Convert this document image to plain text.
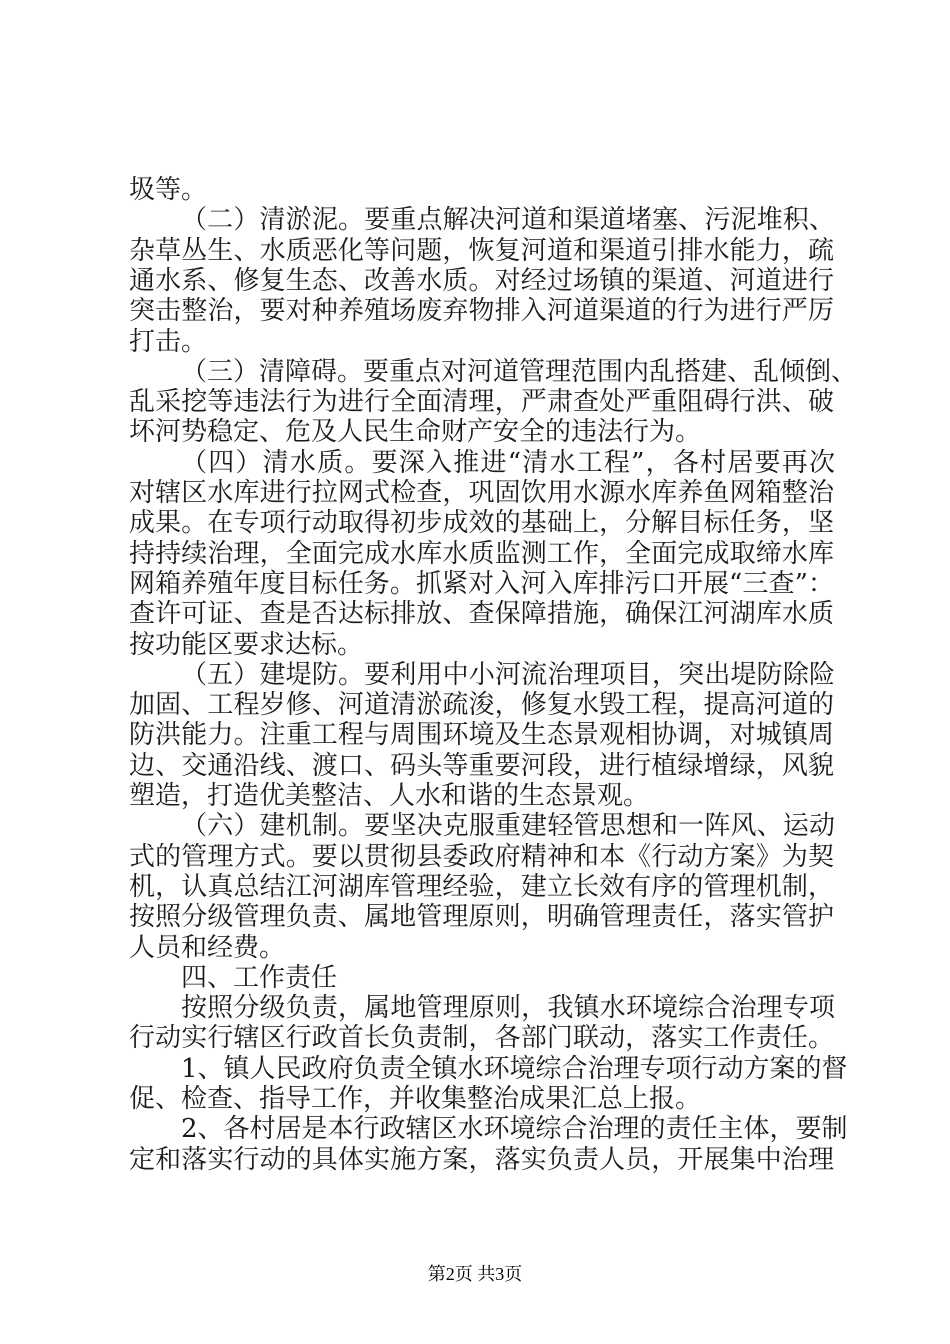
圾等。
（二）清淤泥。要重点解决河道和渠道堵塞、污泥堆积、
杂草丛生、水质恶化等问题，恢复河道和渠道引排水能力，疏
通水系、修复生态、改善水质。对经过场镇的渠道、河道进行
突击整治，要对种养殖场废弃物排入河道渠道的行为进行严厉
打击。
（三）清障碍。要重点对河道管理范围内乱搭建、乱倾倒、
乱采挖等违法行为进行全面清理，严肃查处严重阻碍行洪、破
坏河势稳定、危及人民生命财产安全的违法行为。
（四）清水质。要深入推进“清水工程”，各村居要再次
对辖区水库进行拉网式检查，巩固饮用水源水库养鱼网箱整治
成果。在专项行动取得初步成效的基础上，分解目标任务，坚
持持续治理，全面完成水库水质监测工作，全面完成取缔水库
网箱养殖年度目标任务。抓紧对入河入库排污口开展“三查”：
查许可证、查是否达标排放、查保障措施，确保江河湖库水质
按功能区要求达标。
（五）建堤防。要利用中小河流治理项目，突出堤防除险
加固、工程岁修、河道清淤疏浚，修复水毁工程，提高河道的
防洪能力。注重工程与周围环境及生态景观相协调，对城镇周
边、交通沿线、渡口、码头等重要河段，进行植绿增绿，风貌
塑造，打造优美整洁、人水和谐的生态景观。
（六）建机制。要坚决克服重建轻管思想和一阵风、运动
式的管理方式。要以贯彻县委政府精神和本《行动方案》为契
机，认真总结江河湖库管理经验，建立长效有序的管理机制，
按照分级管理负责、属地管理原则，明确管理责任，落实管护
人员和经费。
四、工作责任
按照分级负责，属地管理原则，我镇水环境综合治理专项
行动实行辖区行政首长负责制，各部门联动，落实工作责任。
1、镇人民政府负责全镇水环境综合治理专项行动方案的督
促、检查、指导工作，并收集整治成果汇总上报。
2、各村居是本行政辖区水环境综合治理的责任主体，要制
定和落实行动的具体实施方案，落实负责人员，开展集中治理
第2页 共3页
